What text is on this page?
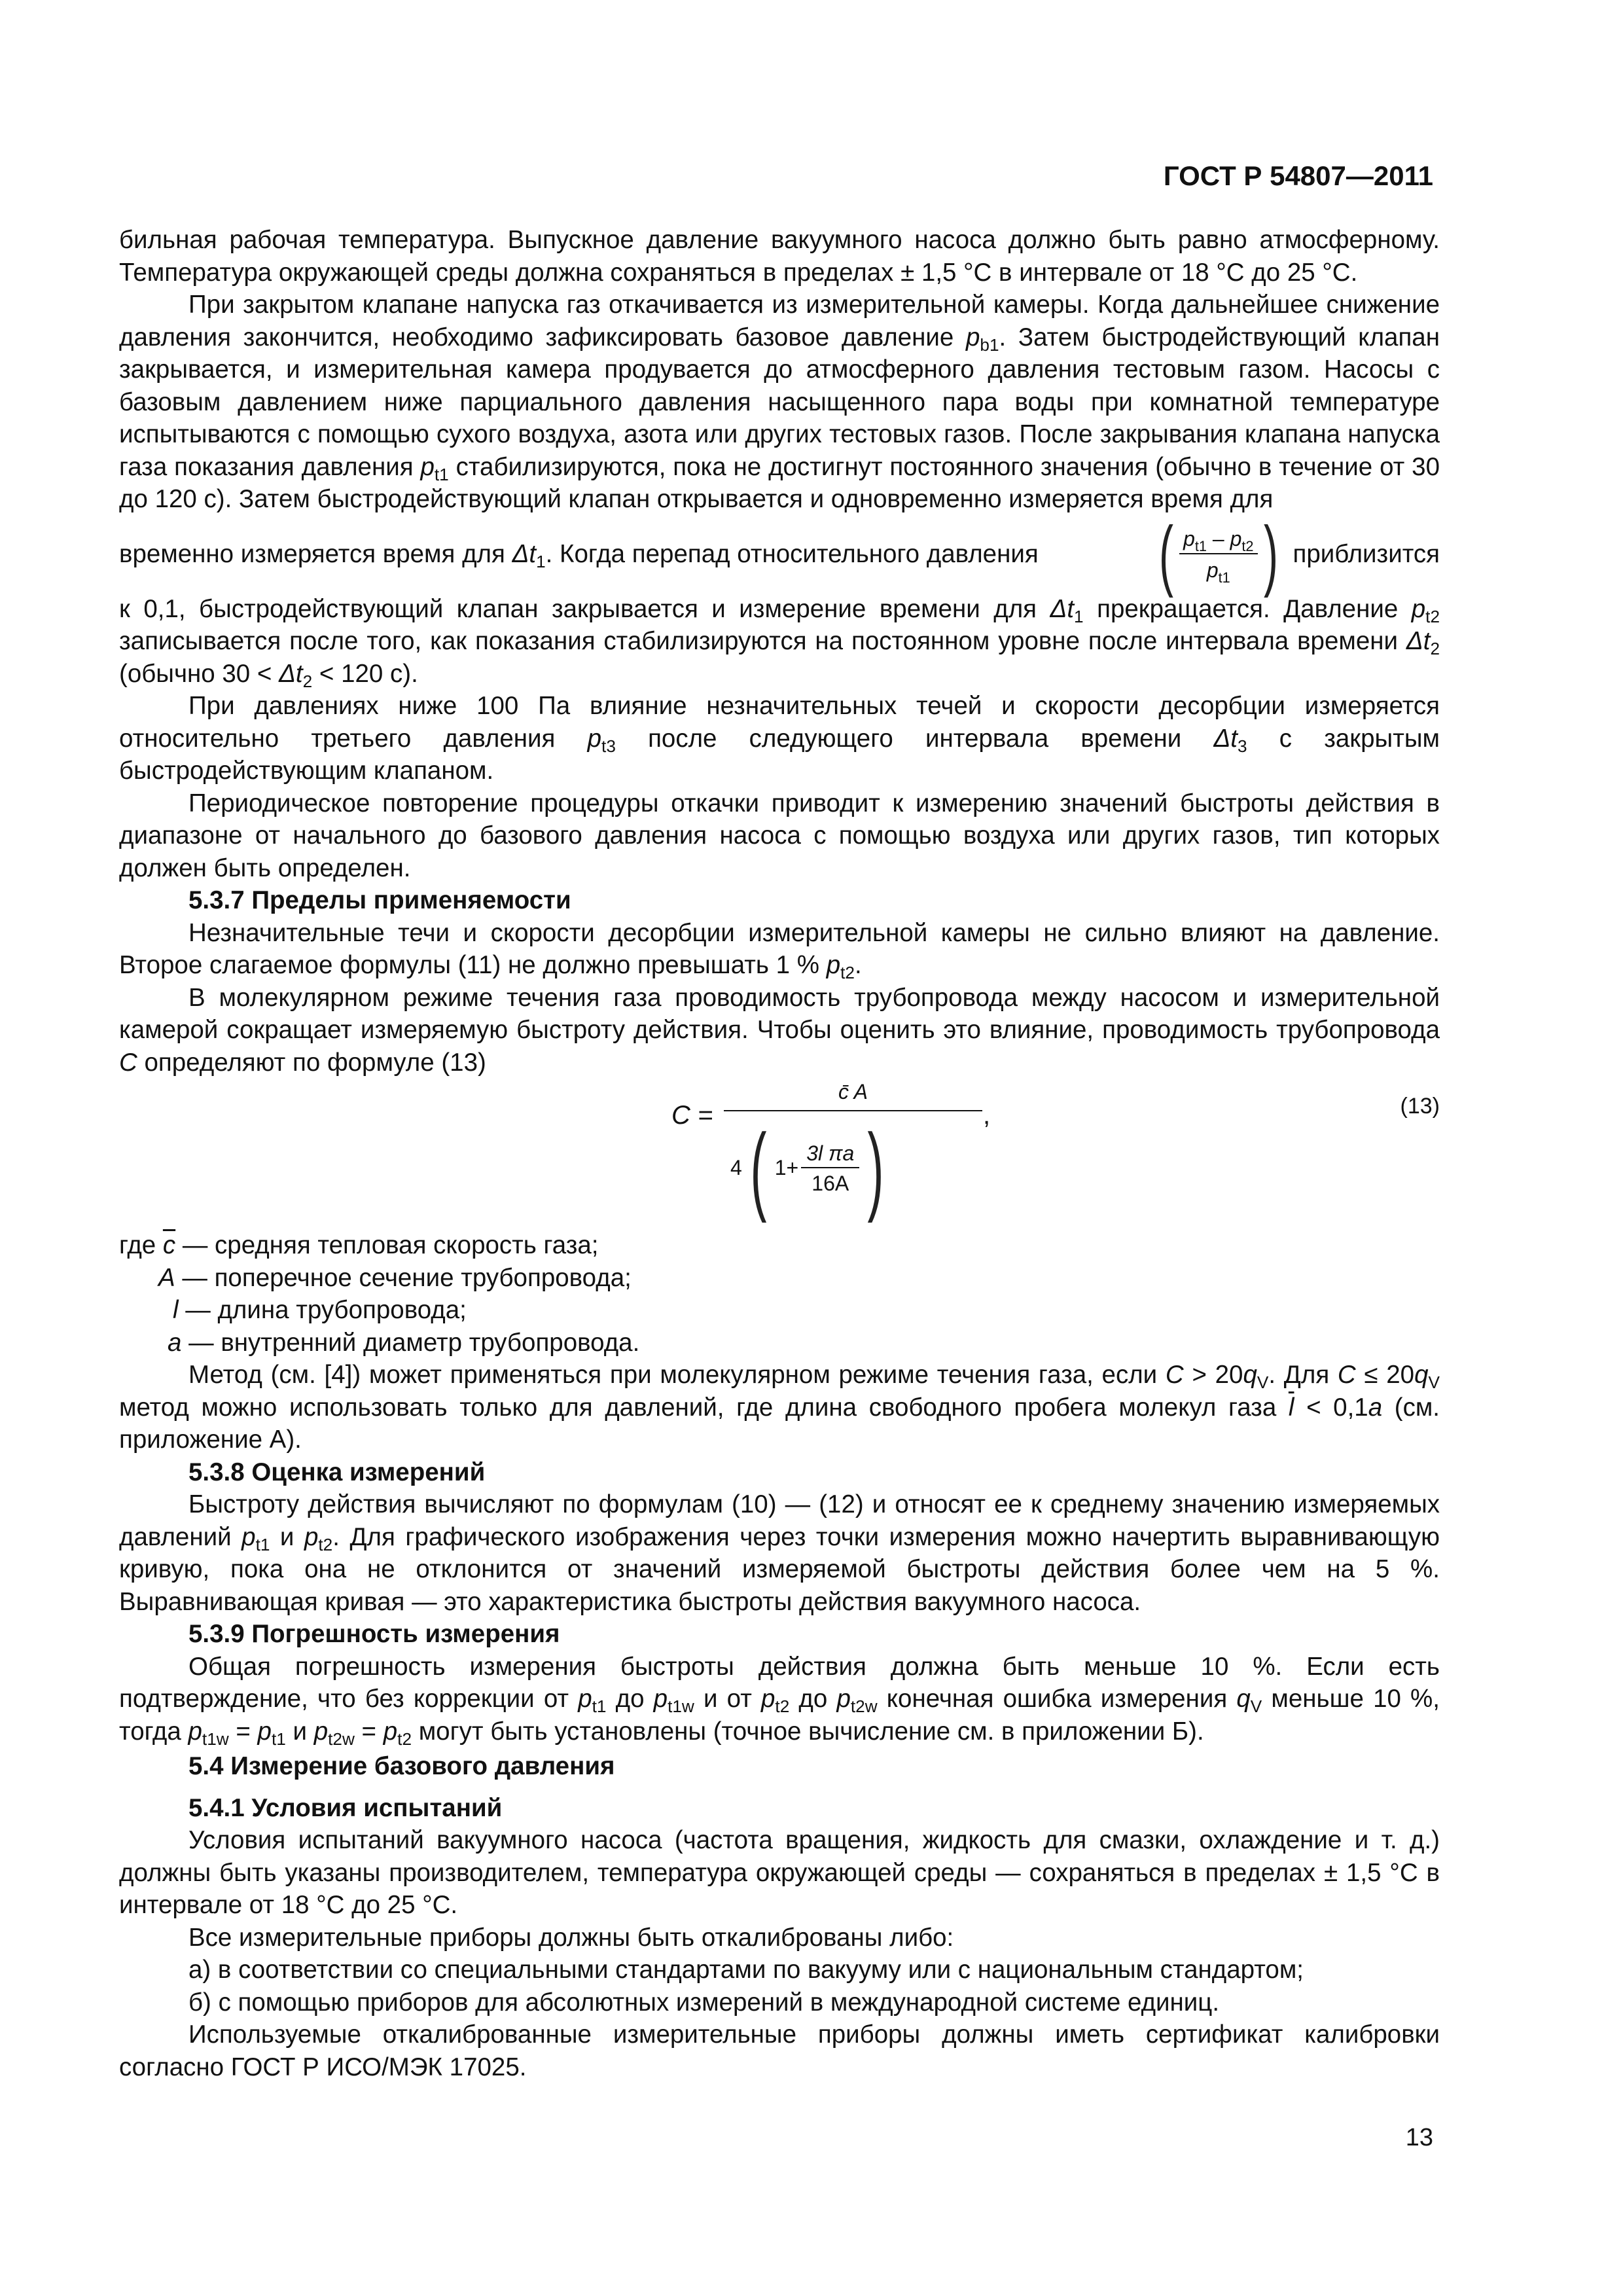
ГОСТ Р 54807—2011

бильная рабочая температура. Выпускное давление вакуумного насоса должно быть равно атмосферному. Температура окружающей среды должна сохраняться в пределах ± 1,5 °С в интервале от 18 °С до 25 °С.

При закрытом клапане напуска газ откачивается из измерительной камеры. Когда дальнейшее снижение давления закончится, необходимо зафиксировать базовое давление $p_{b1}$. Затем быстродействующий клапан закрывается, и измерительная камера продувается до атмосферного давления тестовым газом. Насосы с базовым давлением ниже парциального давления насыщенного пара воды при комнатной температуре испытываются с помощью сухого воздуха, азота или других тестовых газов. После закрывания клапана напуска газа показания давления $p_{t1}$ стабилизируются, пока не достигнут постоянного значения (обычно в течение от 30 до 120 с). Затем быстродействующий клапан открывается и одновременно измеряется время для

временно измеряется время для $\Delta t_1$. Когда перепад относительного давления ( $\frac{p_{t1} - p_{t2}}{p_{t1}}$ ) приблизится

к 0,1, быстродействующий клапан закрывается и измерение времени для $\Delta t_1$ прекращается. Давление $p_{t2}$ записывается после того, как показания стабилизируются на постоянном уровне после интервала времени $\Delta t_2$ (обычно $30 < \Delta t_2 < 120$ с).

При давлениях ниже 100 Па влияние незначительных течей и скорости десорбции измеряется относительно третьего давления $p_{t3}$ после следующего интервала времени $\Delta t_3$ с закрытым быстродействующим клапаном.

Периодическое повторение процедуры откачки приводит к измерению значений быстроты действия в диапазоне от начального до базового давления насоса с помощью воздуха или других газов, тип которых должен быть определен.

5.3.7 Пределы применяемости

Незначительные течи и скорости десорбции измерительной камеры не сильно влияют на давление. Второе слагаемое формулы (11) не должно превышать 1 % $p_{t2}$.

В молекулярном режиме течения газа проводимость трубопровода между насосом и измерительной камерой сокращает измеряемую быстроту действия. Чтобы оценить это влияние, проводимость трубопровода C определяют по формуле (13)

C =
c̄ A
4 ( $1+ \frac{\text{3l πa}}{16A}$ )	,	(13)
где $\overline{c}$ — средняя тепловая скорость газа;
A — поперечное сечение трубопровода;
l — длина трубопровода;
a — внутренний диаметр трубопровода.

Метод (см. [4]) может применяться при молекулярном режиме течения газа, если $C > 20q_V$. Для $C \le 20q_V$ метод можно использовать только для давлений, где длина свободного пробега молекул газа $\overline{l} < 0,1a$ (см. приложение А).

5.3.8 Оценка измерений

Быстроту действия вычисляют по формулам (10) — (12) и относят ее к среднему значению измеряемых давлений $p_{t1}$ и $p_{t2}$. Для графического изображения через точки измерения можно начертить выравнивающую кривую, пока она не отклонится от значений измеряемой быстроты действия более чем на 5 %. Выравнивающая кривая — это характеристика быстроты действия вакуумного насоса.

5.3.9 Погрешность измерения

Общая погрешность измерения быстроты действия должна быть меньше 10 %. Если есть подтверждение, что без коррекции от $p_{t1}$ до $p_{t1w}$ и от $p_{t2}$ до $p_{t2w}$ конечная ошибка измерения $q_V$ меньше 10 %, тогда $p_{t1w} = p_{t1}$ и $p_{t2w} = p_{t2}$ могут быть установлены (точное вычисление см. в приложении Б).

5.4 Измерение базового давления
5.4.1 Условия испытаний

Условия испытаний вакуумного насоса (частота вращения, жидкость для смазки, охлаждение и т. д.) должны быть указаны производителем, температура окружающей среды — сохраняться в пределах ± 1,5 °С в интервале от 18 °С до 25 °С.

Все измерительные приборы должны быть откалиброваны либо:

а) в соответствии со специальными стандартами по вакууму или с национальным стандартом;
б) с помощью приборов для абсолютных измерений в международной системе единиц.

Используемые откалиброванные измерительные приборы должны иметь сертификат калибровки согласно ГОСТ Р ИСО/МЭК 17025.

13
